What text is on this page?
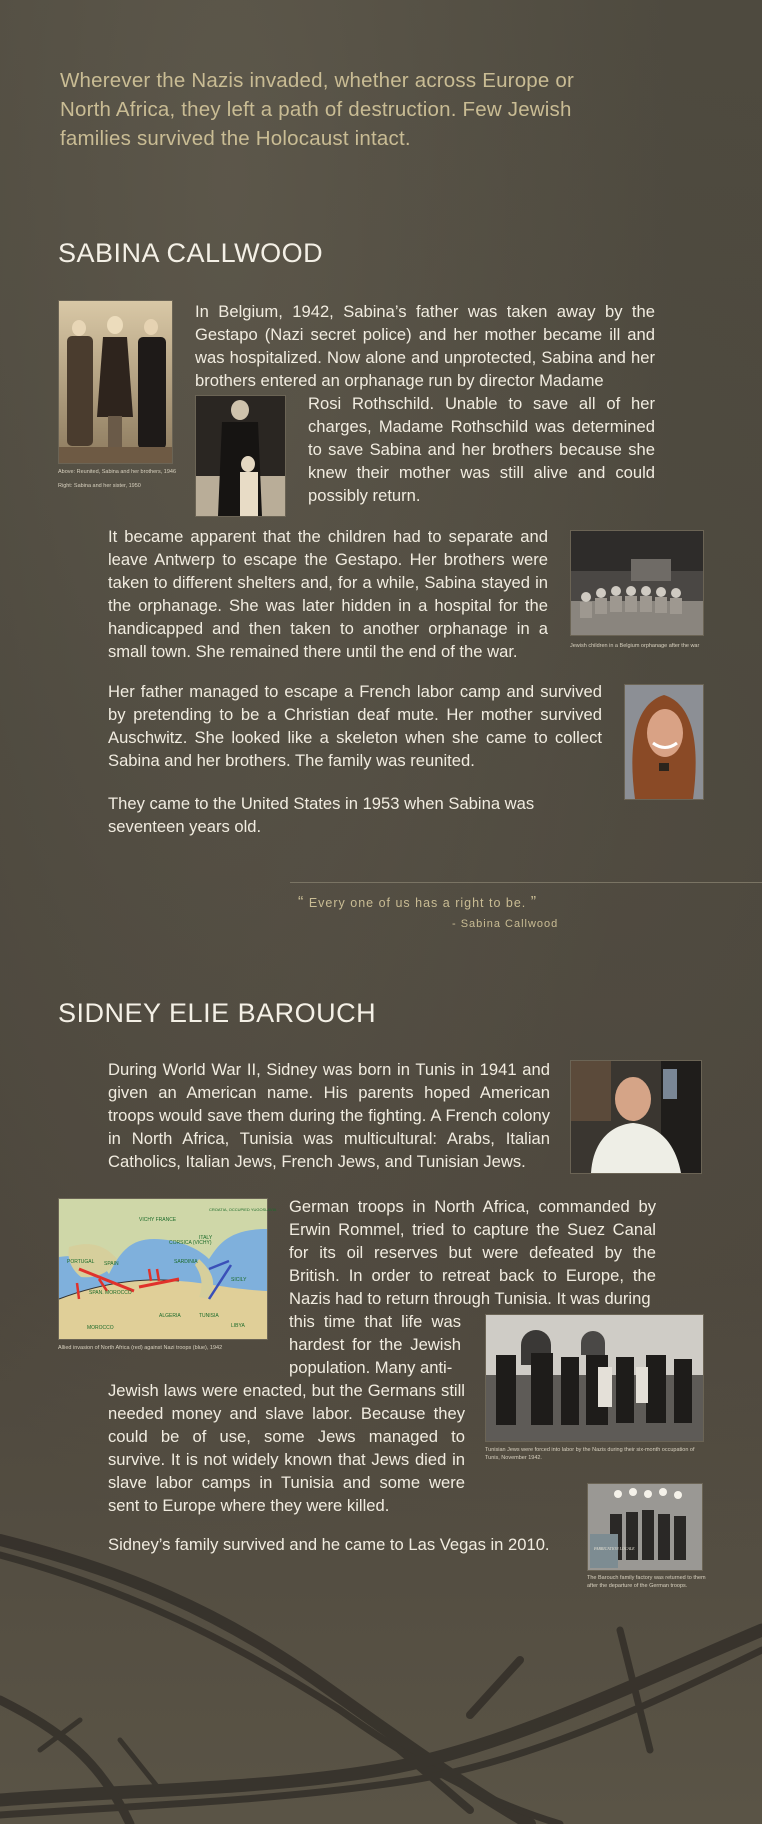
Wherever the Nazis invaded, whether across Europe or North Africa, they left a path of destruction. Few Jewish families survived the Holocaust intact.
SABINA CALLWOOD
Above: Reunited, Sabina and her brothers, 1946
Right: Sabina and her sister, 1950
In Belgium, 1942, Sabina’s father was taken away by the Gestapo (Nazi secret police) and her mother became ill and was hospitalized. Now alone and unprotected, Sabina and her brothers entered an orphanage run by director Madame
Rosi Rothschild. Unable to save all of her charges, Madame Rothschild was determined to save Sabina and her brothers because she knew their mother was still alive and could possibly return.
It became apparent that the children had to separate and leave Antwerp to escape the Gestapo. Her brothers were taken to different shelters and, for a while, Sabina stayed in the orphanage. She was later hidden in a hospital for the handicapped and then taken to another orphanage in a small town. She remained there until the end of the war.	Jewish children in a Belgium orphanage after the war
Her father managed to escape a French labor camp and survived by pretending to be a Christian deaf mute. Her mother survived Auschwitz. She looked like a skeleton when she came to collect Sabina and her brothers. The family was reunited.
They came to the United States in 1953 when Sabina was seventeen years old.
“ Every one of us has a right to be. ”
- Sabina Callwood
SIDNEY ELIE BAROUCH
During World War II, Sidney was born in Tunis in 1941 and given an American name. His parents hoped American troops would save them during the fighting. A French colony in North Africa, Tunisia was multicultural: Arabs, Italian Catholics, Italian Jews, French Jews, and Tunisian Jews.
VICHY FRANCE
ITALY
CORSICA (VICHY)
PORTUGAL SPAIN	SARDINIA
SICILY
SPAN. MOROCCO
ALGERIA	TUNISIA
MOROCCO	LIBYA
CROATIA, OCCUPIED YUGOSLAVIA
Allied invasion of North Africa (red) against Nazi troops (blue), 1942
German troops in North Africa, commanded by Erwin Rommel, tried to capture the Suez Canal for its oil reserves but were defeated by the British. In order to retreat back to Europe, the Nazis had to return through Tunisia. It was during
this time that life was hardest for the Jewish population. Many anti-
Jewish laws were enacted, but the Germans still needed money and slave labor. Because they could be of use, some Jews managed to survive. It is not widely known that Jews died in slave labor camps in Tunisia and some were sent to Europe where they were killed.
Tunisian Jews were forced into labor by the Nazis during their six-month occupation of Tunis, November 1942.
FABRICATION LOCALE
The Barouch family factory was returned to them after the departure of the German troops.
Sidney’s family survived and he came to Las Vegas in 2010.
